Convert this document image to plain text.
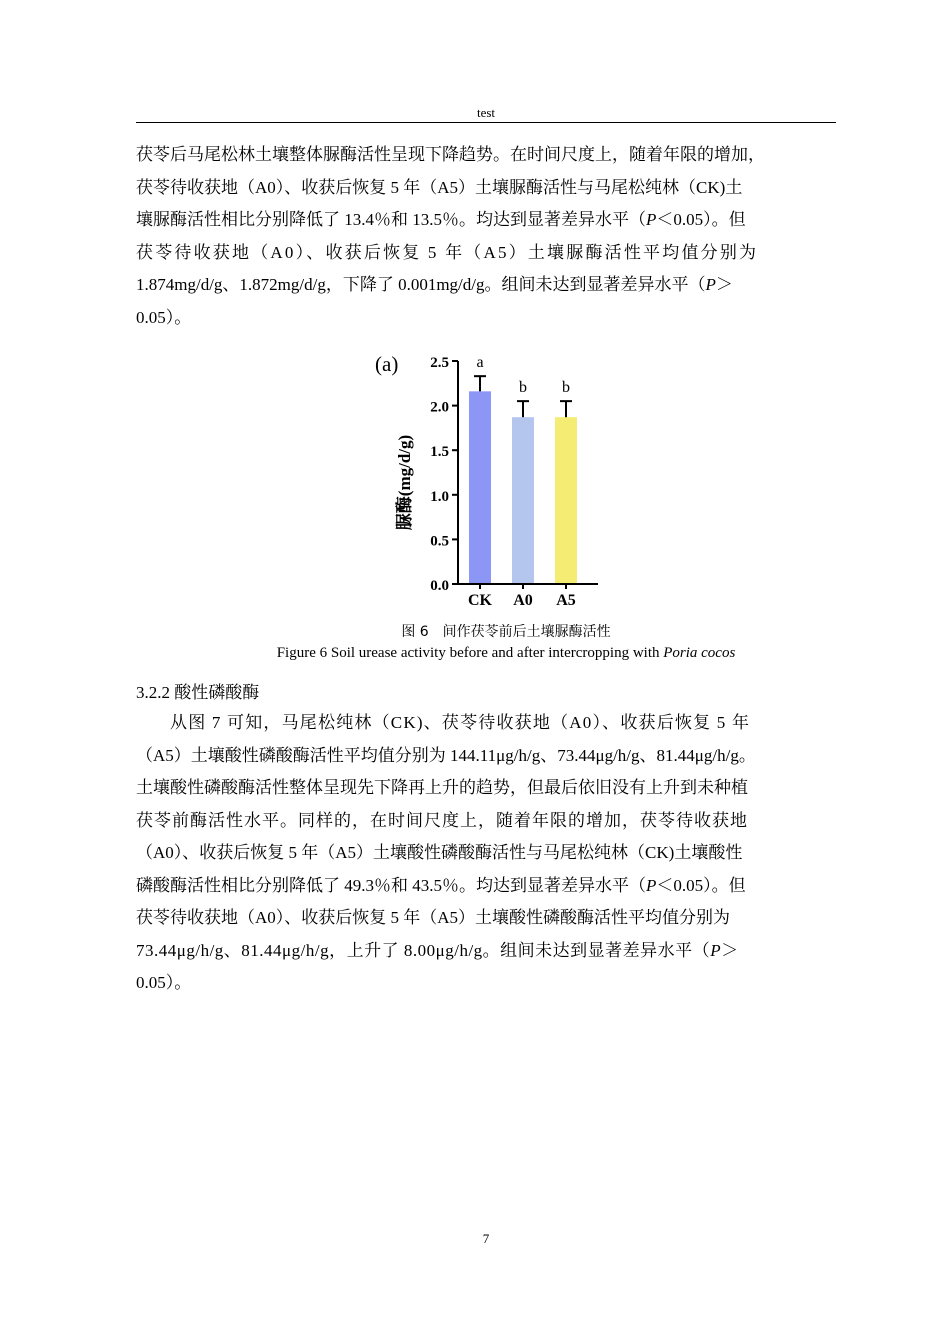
test

茯苓后马尾松林土壤整体脲酶活性呈现下降趋势。在时间尺度上，随着年限的增加，

茯苓待收获地（A0）、收获后恢复 5 年（A5）土壤脲酶活性与马尾松纯林（CK)土

壤脲酶活性相比分别降低了 13.4％和 13.5％。均达到显著差异水平（P＜0.05）。但

茯苓待收获地（A0）、收获后恢复 5 年（A5）土壤脲酶活性平均值分别为

1.874mg/d/g、1.872mg/d/g，下降了 0.001mg/d/g。组间未达到显著差异水平（P＞

0.05）。

(a)
脲酶(mg/d/g)
a
CK
b
A0
b
A5
0.0
0.5
1.0
1.5
2.0
2.5
图 6　间作茯苓前后土壤脲酶活性
Figure 6 Soil urease activity before and after intercropping with Poria cocos
3.2.2 酸性磷酸酶

从图 7 可知，马尾松纯林（CK)、茯苓待收获地（A0）、收获后恢复 5 年

（A5）土壤酸性磷酸酶活性平均值分别为 144.11μg/h/g、73.44μg/h/g、81.44μg/h/g。

土壤酸性磷酸酶活性整体呈现先下降再上升的趋势，但最后依旧没有上升到未种植

茯苓前酶活性水平。同样的，在时间尺度上，随着年限的增加，茯苓待收获地

（A0）、收获后恢复 5 年（A5）土壤酸性磷酸酶活性与马尾松纯林（CK)土壤酸性

磷酸酶活性相比分别降低了 49.3％和 43.5％。均达到显著差异水平（P＜0.05）。但

茯苓待收获地（A0）、收获后恢复 5 年（A5）土壤酸性磷酸酶活性平均值分别为

73.44μg/h/g、81.44μg/h/g，上升了 8.00μg/h/g。组间未达到显著差异水平（P＞

0.05）。

7
